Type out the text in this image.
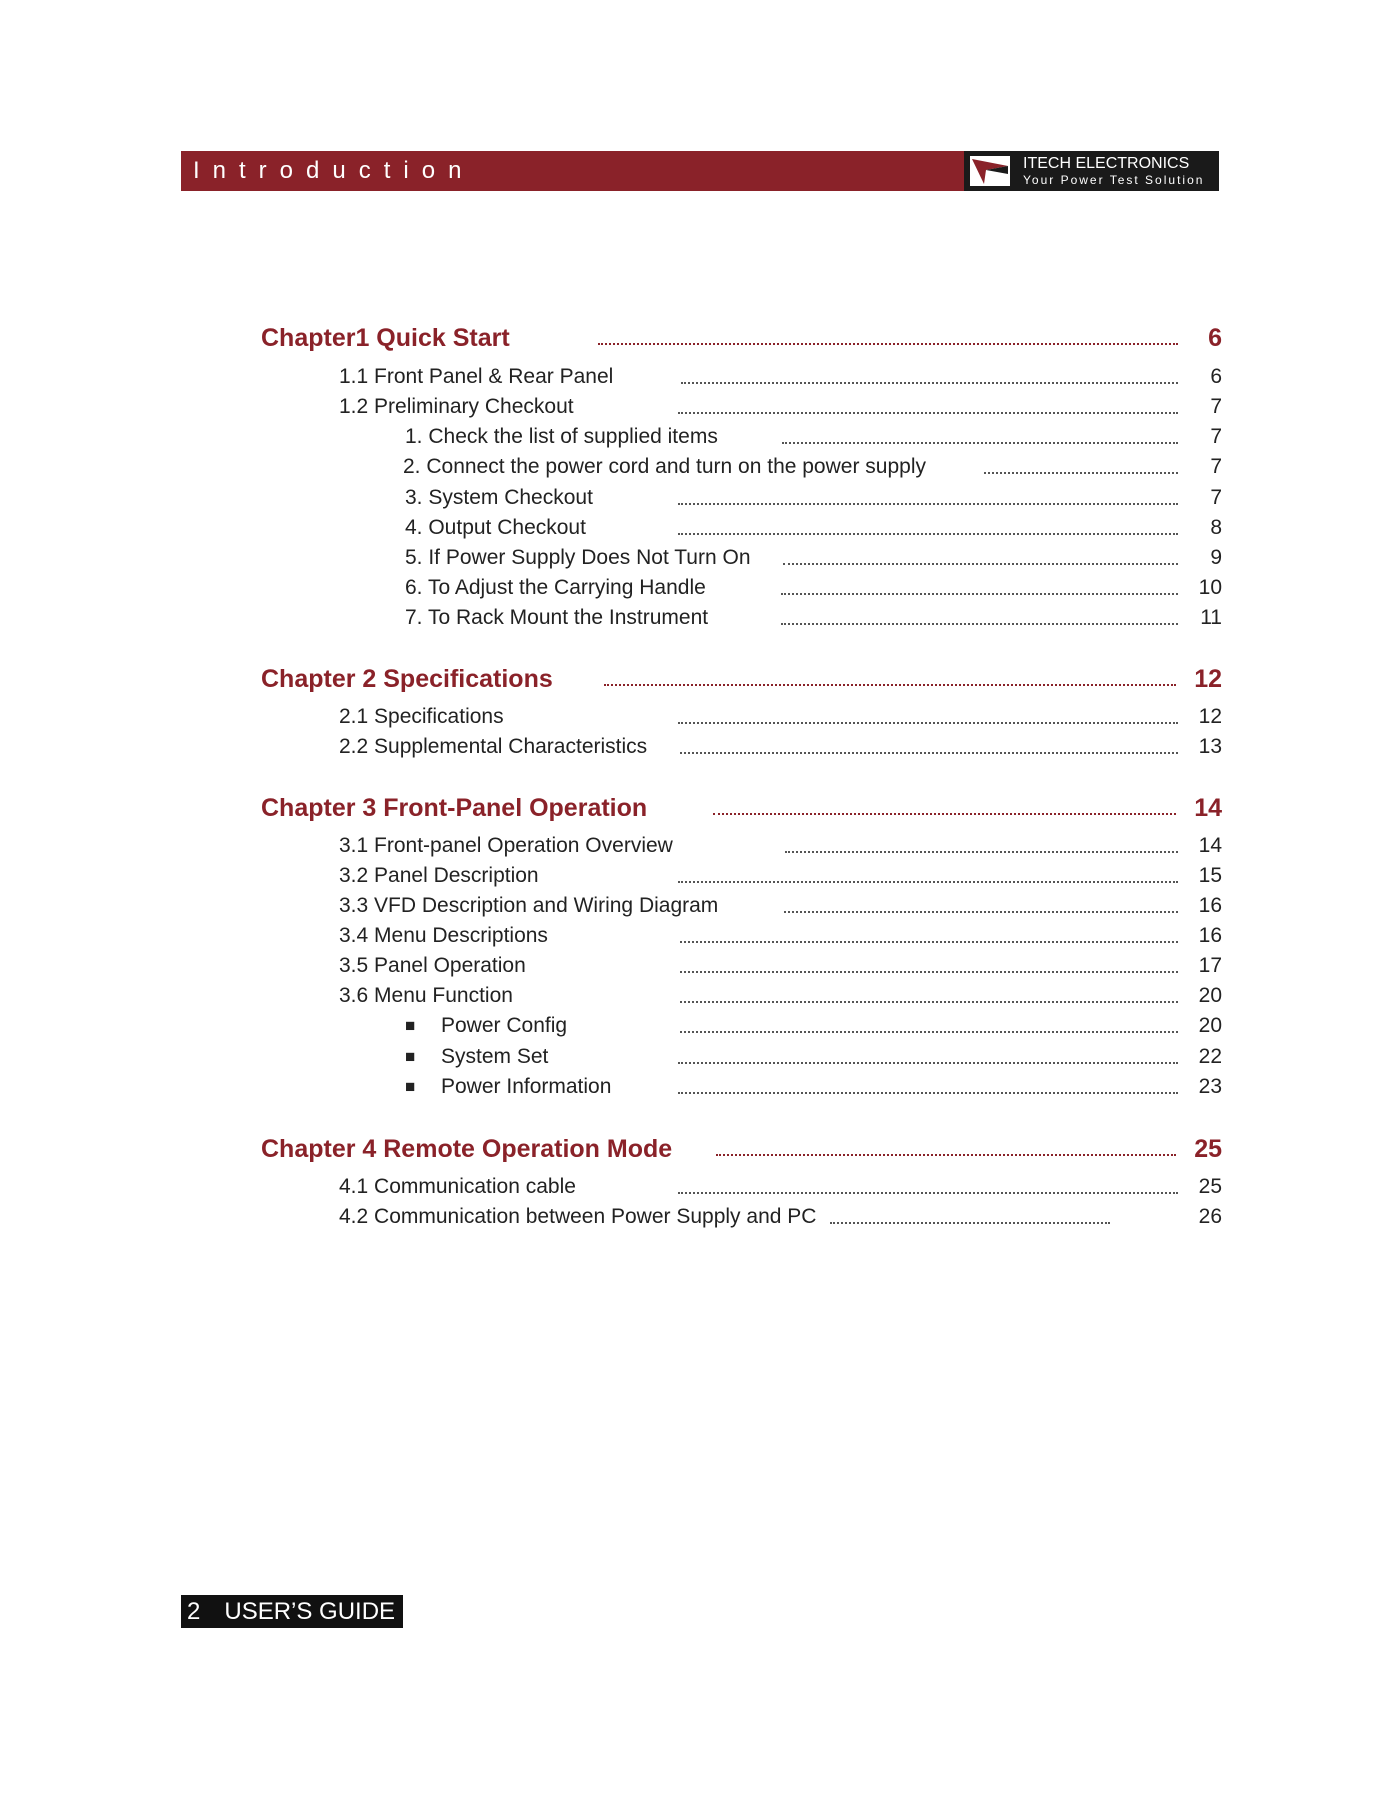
Introduction	ITECH ELECTRONICS
Your Power Test Solution
Chapter1 Quick Start	6
1.1 Front Panel & Rear Panel	6
1.2 Preliminary Checkout	7
1. Check the list of supplied items	7
2. Connect the power cord and turn on the power supply	7
3. System Checkout	7
4. Output Checkout	8
5. If Power Supply Does Not Turn On	9
6. To Adjust the Carrying Handle	10
7. To Rack Mount the Instrument	11
Chapter 2 Specifications	12
2.1 Specifications	12
2.2 Supplemental Characteristics	13
Chapter 3 Front-Panel Operation	14
3.1 Front-panel Operation Overview	14
3.2 Panel Description	15
3.3 VFD Description and Wiring Diagram	16
3.4 Menu Descriptions	16
3.5 Panel Operation	17
3.6 Menu Function	20
■ Power Config	20
■ System Set	22
■ Power Information	23
Chapter 4 Remote Operation Mode	25
4.1 Communication cable	25
4.2 Communication between Power Supply and PC	26
2 USER’S GUIDE
